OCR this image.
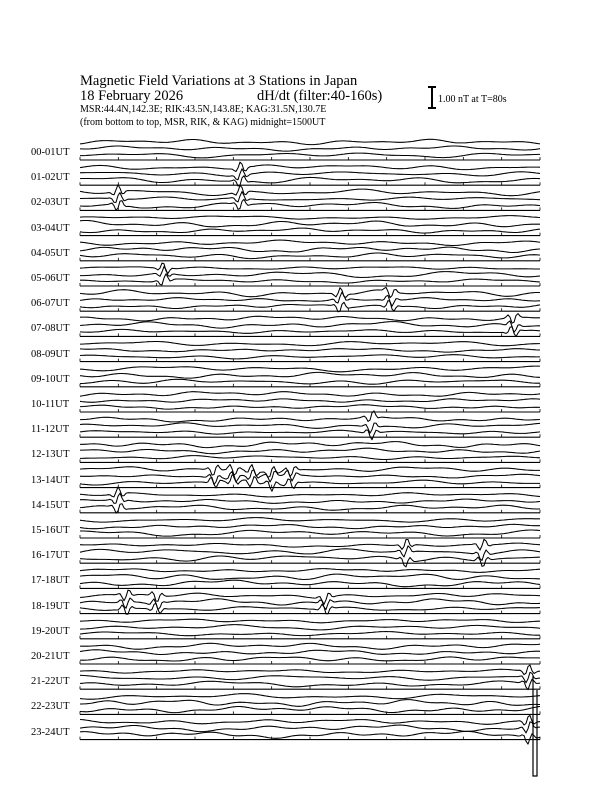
Magnetic Field Variations at 3 Stations in Japan
18 February 2026	dH/dt (filter:40-160s)
MSR:44.4N,142.3E; RIK:43.5N,143.8E; KAG:31.5N,130.7E
(from bottom to top, MSR, RIK, & KAG) midnight=1500UT
1.00 nT at T=80s
00-01UT
01-02UT
02-03UT
03-04UT
04-05UT
05-06UT
06-07UT
07-08UT
08-09UT
09-10UT
10-11UT
11-12UT
12-13UT
13-14UT
14-15UT
15-16UT
16-17UT
17-18UT
18-19UT
19-20UT
20-21UT
21-22UT
22-23UT
23-24UT
